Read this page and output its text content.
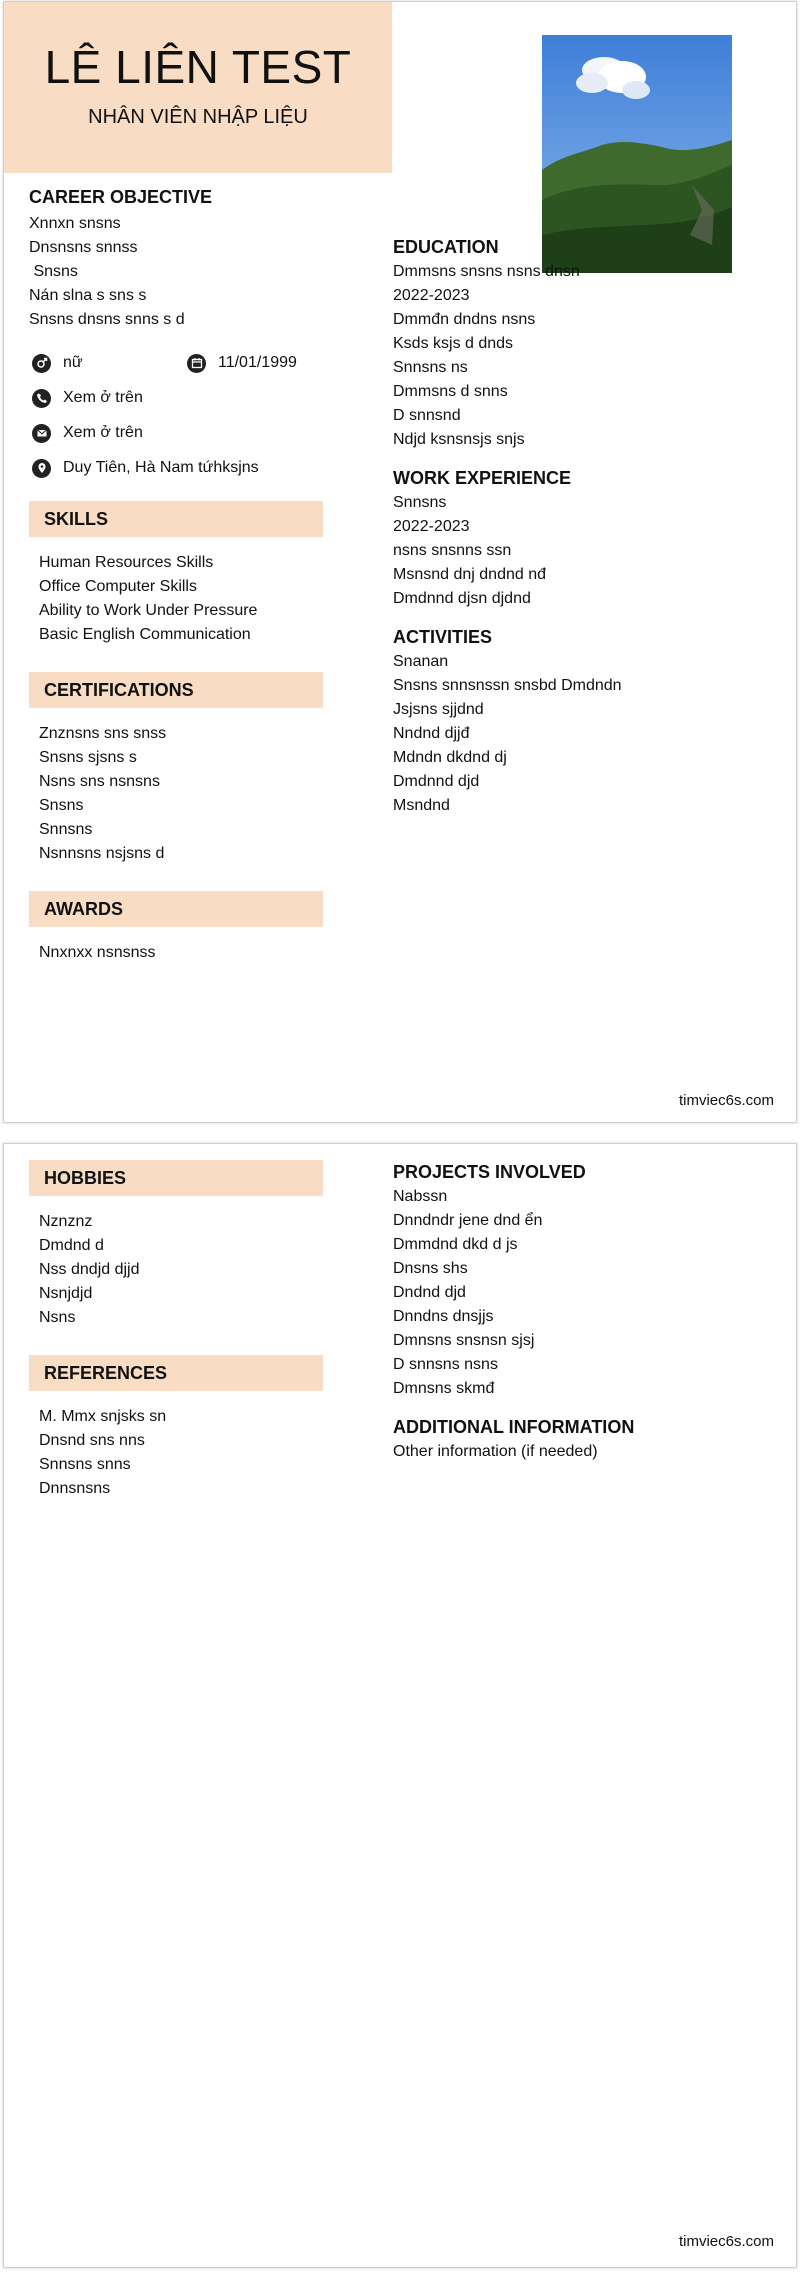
LÊ LIÊN TEST
NHÂN VIÊN NHẬP LIỆU
CAREER OBJECTIVE
Xnnxn snsns
Dnsnsns snnss
Snsns
Nán slna s sns s
Snsns dnsns snns s d
nữ	11/01/1999
Xem ở trên
Xem ở trên
Duy Tiên, Hà Nam tứhksjns
SKILLS
Human Resources Skills
Office Computer Skills
Ability to Work Under Pressure
Basic English Communication
CERTIFICATIONS
Znznsns sns snss
Snsns sjsns s
Nsns sns nsnsns
Snsns
Snnsns
Nsnnsns nsjsns d
AWARDS
Nnxnxx nsnsnss
EDUCATION
Dmmsns snsns nsns dnsn
2022-2023
Dmmđn dndns nsns
Ksds ksjs d dnds
Snnsns ns
Dmmsns d snns
D snnsnd
Ndjd ksnsnsjs snjs
WORK EXPERIENCE
Snnsns
2022-2023
nsns snsnns ssn
Msnsnd dnj dndnd nđ
Dmdnnd djsn djdnd
ACTIVITIES
Snanan
Snsns snnsnssn snsbd Dmdndn
Jsjsns sjjdnd
Nndnd djjđ
Mdndn dkdnd dj
Dmdnnd djd
Msndnd
timviec6s.com
HOBBIES
Nznznz
Dmdnd d
Nss dndjd djjd
Nsnjdjd
Nsns
REFERENCES
M. Mmx snjsks sn
Dnsnd sns nns
Snnsns snns
Dnnsnsns
PROJECTS INVOLVED
Nabssn
Dnndndr jene dnd ển
Dmmdnd dkd d js
Dnsns shs
Dndnd djd
Dnndns dnsjjs
Dmnsns snsnsn sjsj
D snnsns nsns
Dmnsns skmđ
ADDITIONAL INFORMATION
Other information (if needed)
timviec6s.com
